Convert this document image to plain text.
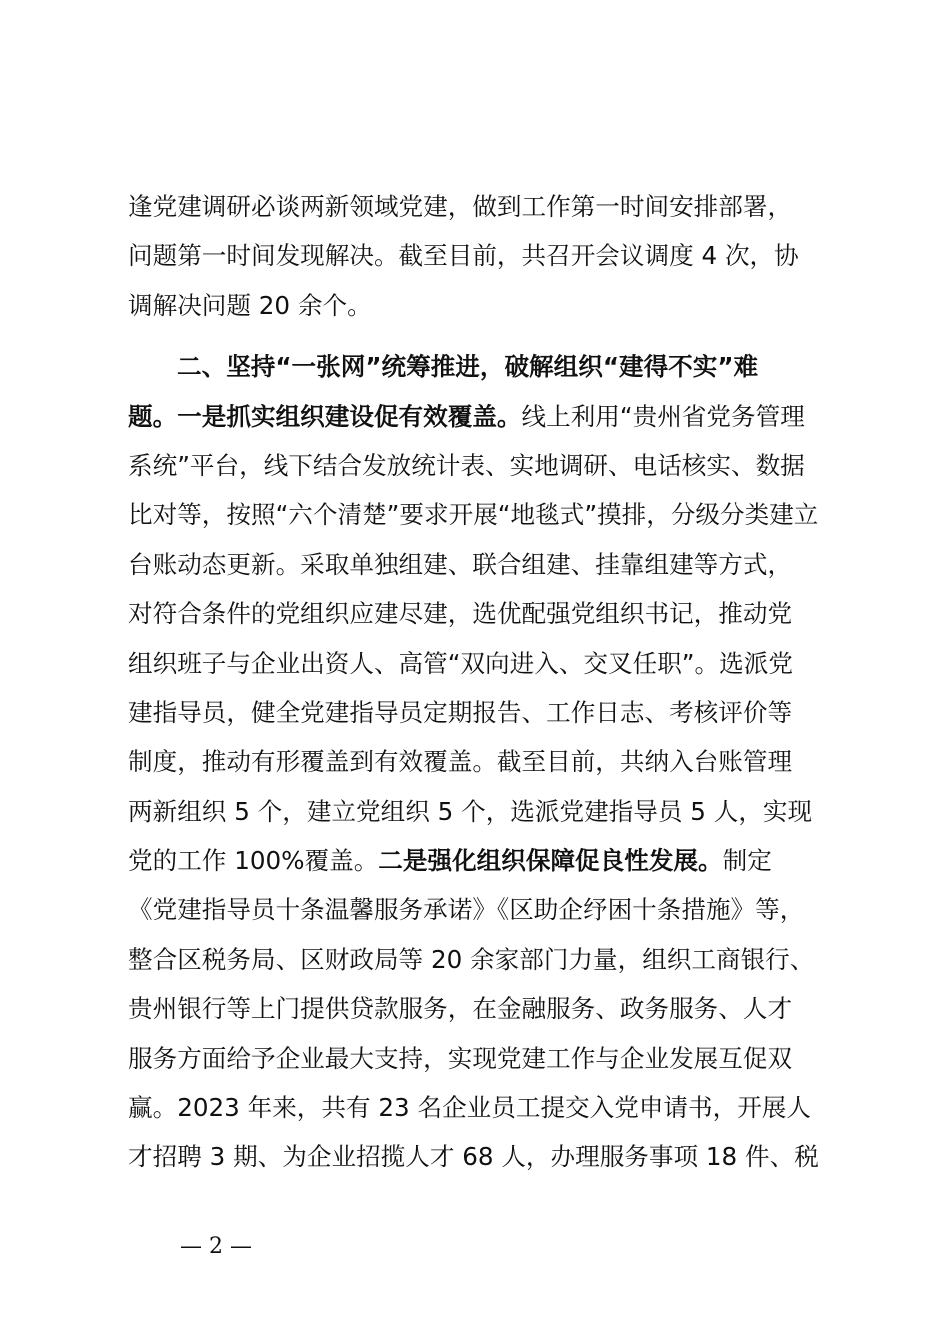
逢党建调研必谈两新领域党建，做到工作第一时间安排部署，
问题第一时间发现解决。截至目前，共召开会议调度 4 次，协
调解决问题 20 余个。
二、坚持“一张网”统筹推进，破解组织“建得不实”难
题。一是抓实组织建设促有效覆盖。线上利用“贵州省党务管理
系统”平台，线下结合发放统计表、实地调研、电话核实、数据
比对等，按照“六个清楚”要求开展“地毯式”摸排，分级分类建立
台账动态更新。采取单独组建、联合组建、挂靠组建等方式，
对符合条件的党组织应建尽建，选优配强党组织书记，推动党
组织班子与企业出资人、高管“双向进入、交叉任职”。选派党
建指导员，健全党建指导员定期报告、工作日志、考核评价等
制度，推动有形覆盖到有效覆盖。截至目前，共纳入台账管理
两新组织 5 个，建立党组织 5 个，选派党建指导员 5 人，实现
党的工作 100%覆盖。二是强化组织保障促良性发展。制定
《党建指导员十条温馨服务承诺》《区助企纾困十条措施》等，
整合区税务局、区财政局等 20 余家部门力量，组织工商银行、
贵州银行等上门提供贷款服务，在金融服务、政务服务、人才
服务方面给予企业最大支持，实现党建工作与企业发展互促双
赢。2023 年来，共有 23 名企业员工提交入党申请书，开展人
才招聘 3 期、为企业招揽人才 68 人，办理服务事项 18 件、税
— 2 —
